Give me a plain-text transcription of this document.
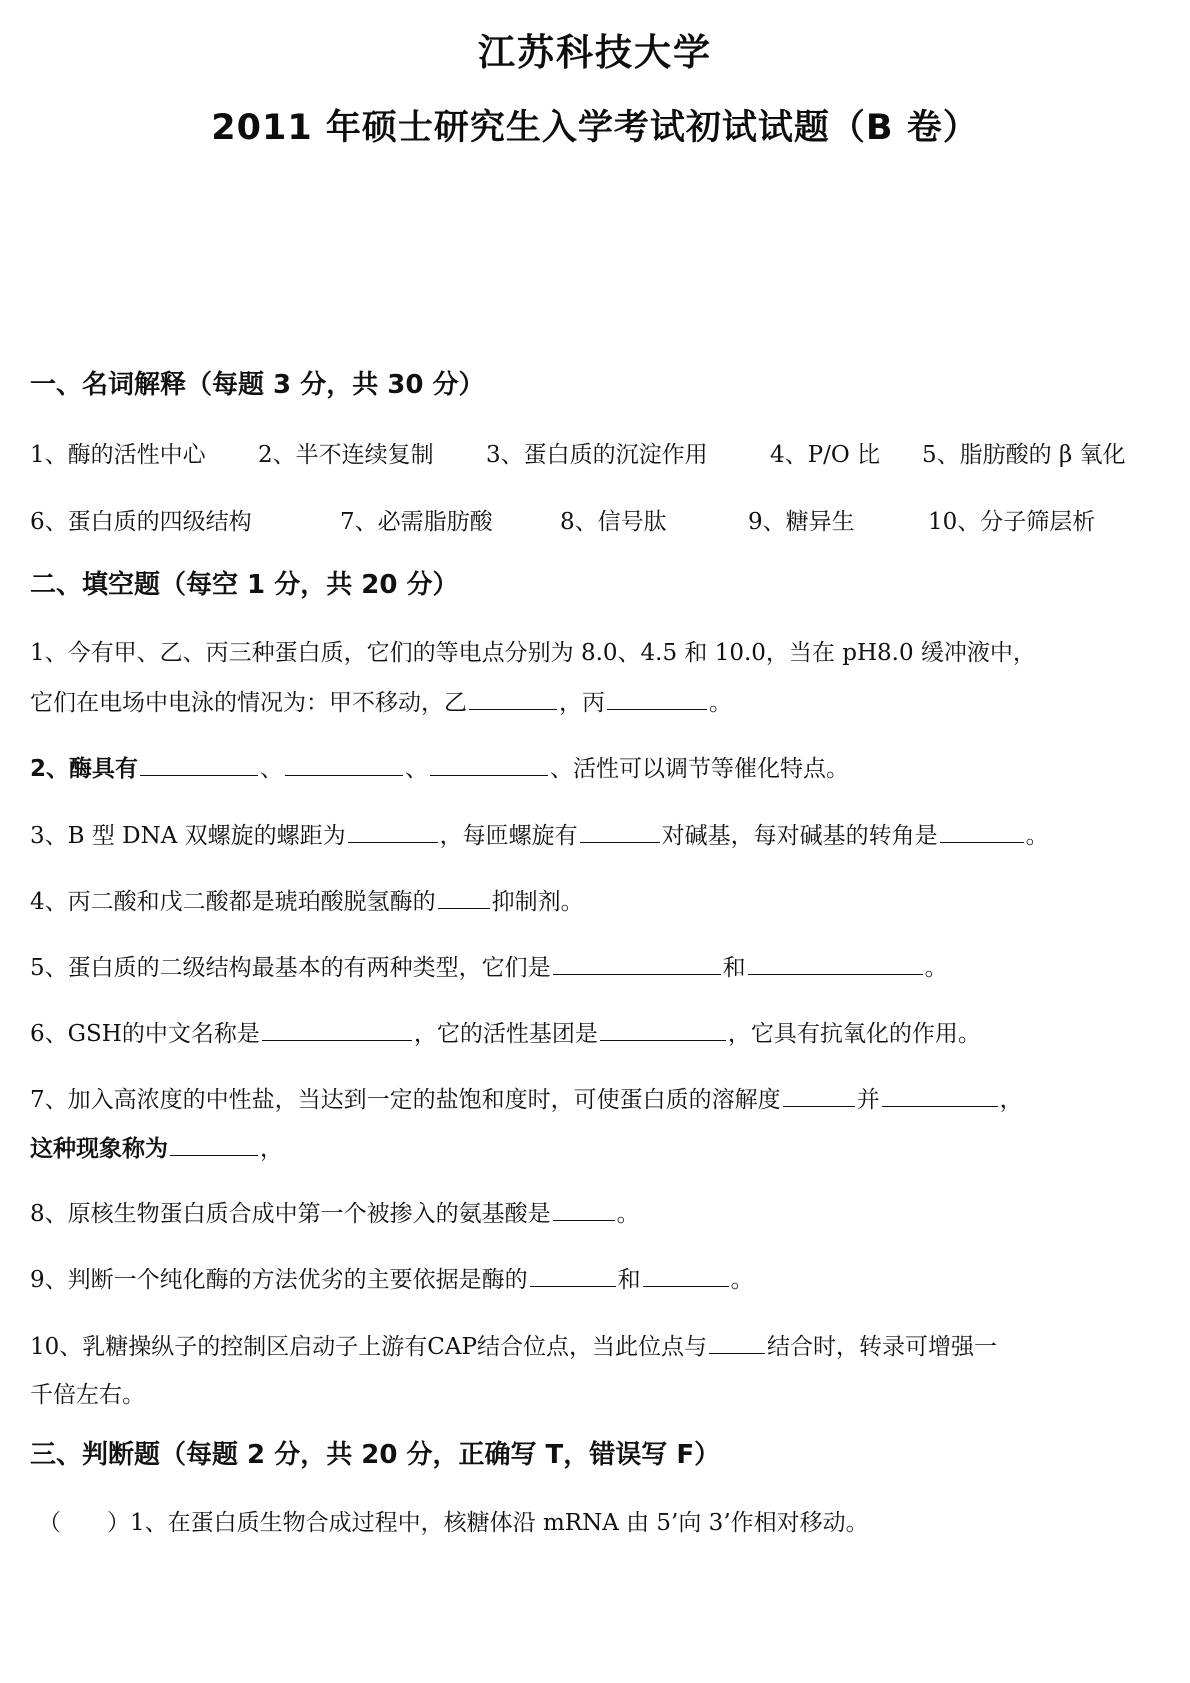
江苏科技大学
2011 年硕士研究生入学考试初试试题（B 卷）
一、名词解释（每题 3 分，共 30 分）
1、酶的活性中心 2、半不连续复制 3、蛋白质的沉淀作用	4、P/O 比 5、脂肪酸的 β 氧化
6、蛋白质的四级结构	7、必需脂肪酸	8、信号肽	9、糖异生	10、分子筛层析
二、填空题（每空 1 分，共 20 分）
1、今有甲、乙、丙三种蛋白质，它们的等电点分别为 8.0、4.5 和 10.0，当在 pH8.0 缓冲液中，
它们在电场中电泳的情况为：甲不移动，乙	，丙	。
2、酶具有	、	、	、活性可以调节等催化特点。
3、B 型 DNA 双螺旋的螺距为	，每匝螺旋有	对碱基，每对碱基的转角是	。
4、丙二酸和戊二酸都是琥珀酸脱氢酶的 抑制剂。
5、蛋白质的二级结构最基本的有两种类型，它们是	和	。
6、GSH的中文名称是	，它的活性基团是	，它具有抗氧化的作用。
7、加入高浓度的中性盐，当达到一定的盐饱和度时，可使蛋白质的溶解度	并	，
这种现象称为	，
8、原核生物蛋白质合成中第一个被掺入的氨基酸是	。
9、判断一个纯化酶的方法优劣的主要依据是酶的	和	。
10、乳糖操纵子的控制区启动子上游有CAP结合位点，当此位点与	结合时，转录可增强一
千倍左右。
三、判断题（每题 2 分，共 20 分，正确写 T，错误写 F）
（　　）1、在蛋白质生物合成过程中，核糖体沿 mRNA 由 5’向 3’作相对移动。
